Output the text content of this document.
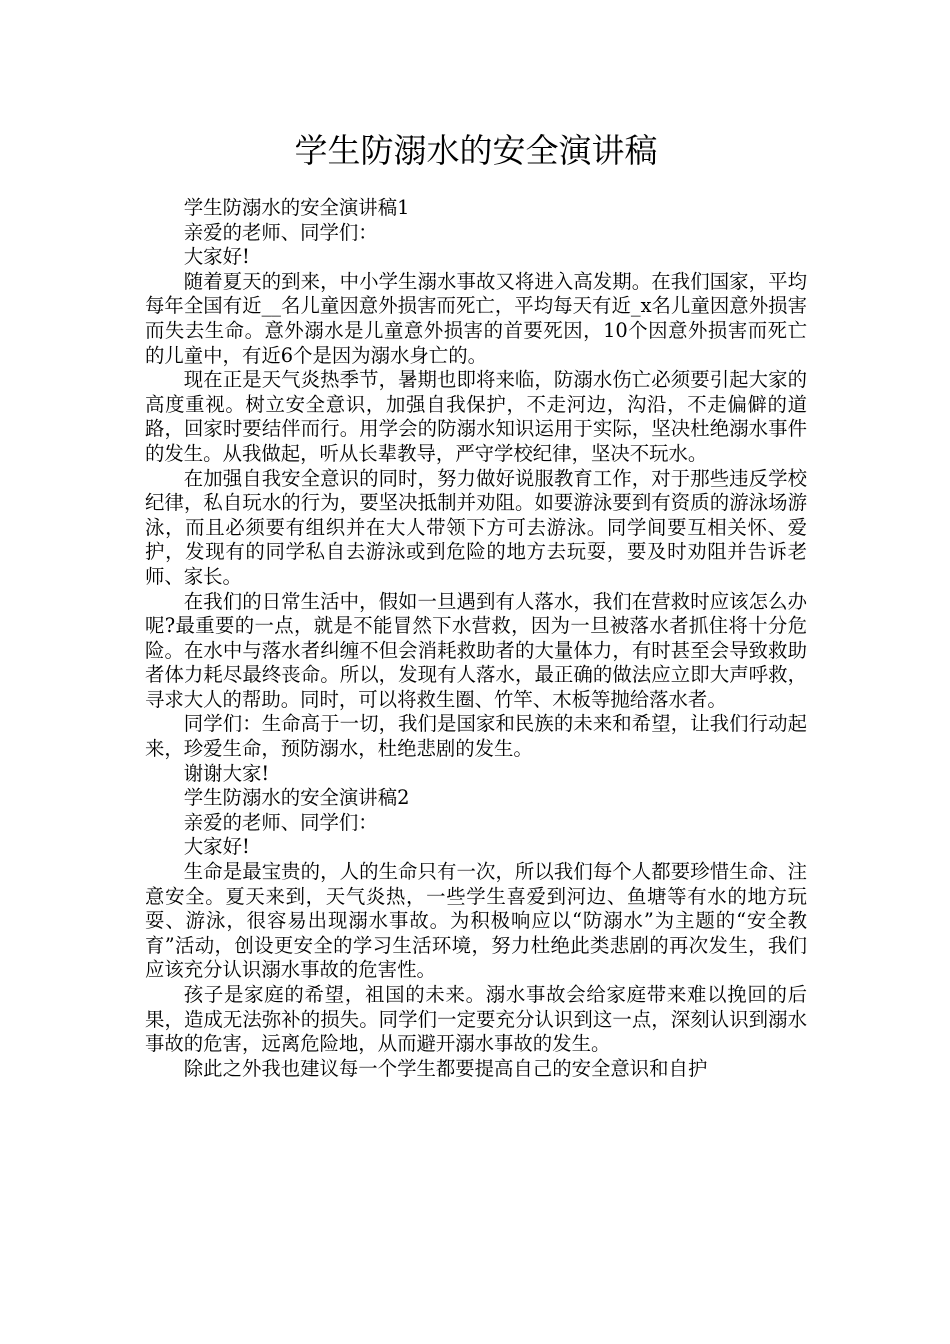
学生防溺水的安全演讲稿

学生防溺水的安全演讲稿1

亲爱的老师、同学们：

大家好!

随着夏天的到来，中小学生溺水事故又将进入高发期。在我们国家，平均每年全国有近__名儿童因意外损害而死亡，平均每天有近_x名儿童因意外损害而失去生命。意外溺水是儿童意外损害的首要死因，10个因意外损害而死亡的儿童中，有近6个是因为溺水身亡的。

现在正是天气炎热季节，暑期也即将来临，防溺水伤亡必须要引起大家的高度重视。树立安全意识，加强自我保护，不走河边，沟沿，不走偏僻的道路，回家时要结伴而行。用学会的防溺水知识运用于实际，坚决杜绝溺水事件的发生。从我做起，听从长辈教导，严守学校纪律，坚决不玩水。

在加强自我安全意识的同时，努力做好说服教育工作，对于那些违反学校纪律，私自玩水的行为，要坚决抵制并劝阻。如要游泳要到有资质的游泳场游泳，而且必须要有组织并在大人带领下方可去游泳。同学间要互相关怀、爱护，发现有的同学私自去游泳或到危险的地方去玩耍，要及时劝阻并告诉老师、家长。

在我们的日常生活中，假如一旦遇到有人落水，我们在营救时应该怎么办呢?最重要的一点，就是不能冒然下水营救，因为一旦被落水者抓住将十分危险。在水中与落水者纠缠不但会消耗救助者的大量体力，有时甚至会导致救助者体力耗尽最终丧命。所以，发现有人落水，最正确的做法应立即大声呼救，寻求大人的帮助。同时，可以将救生圈、竹竿、木板等抛给落水者。

同学们：生命高于一切，我们是国家和民族的未来和希望，让我们行动起来，珍爱生命，预防溺水，杜绝悲剧的发生。

谢谢大家!

学生防溺水的安全演讲稿2

亲爱的老师、同学们：

大家好!

生命是最宝贵的，人的生命只有一次，所以我们每个人都要珍惜生命、注意安全。夏天来到，天气炎热，一些学生喜爱到河边、鱼塘等有水的地方玩耍、游泳，很容易出现溺水事故。为积极响应以“防溺水”为主题的“安全教育”活动，创设更安全的学习生活环境，努力杜绝此类悲剧的再次发生，我们应该充分认识溺水事故的危害性。

孩子是家庭的希望，祖国的未来。溺水事故会给家庭带来难以挽回的后果，造成无法弥补的损失。同学们一定要充分认识到这一点，深刻认识到溺水事故的危害，远离危险地，从而避开溺水事故的发生。

除此之外我也建议每一个学生都要提高自己的安全意识和自护
